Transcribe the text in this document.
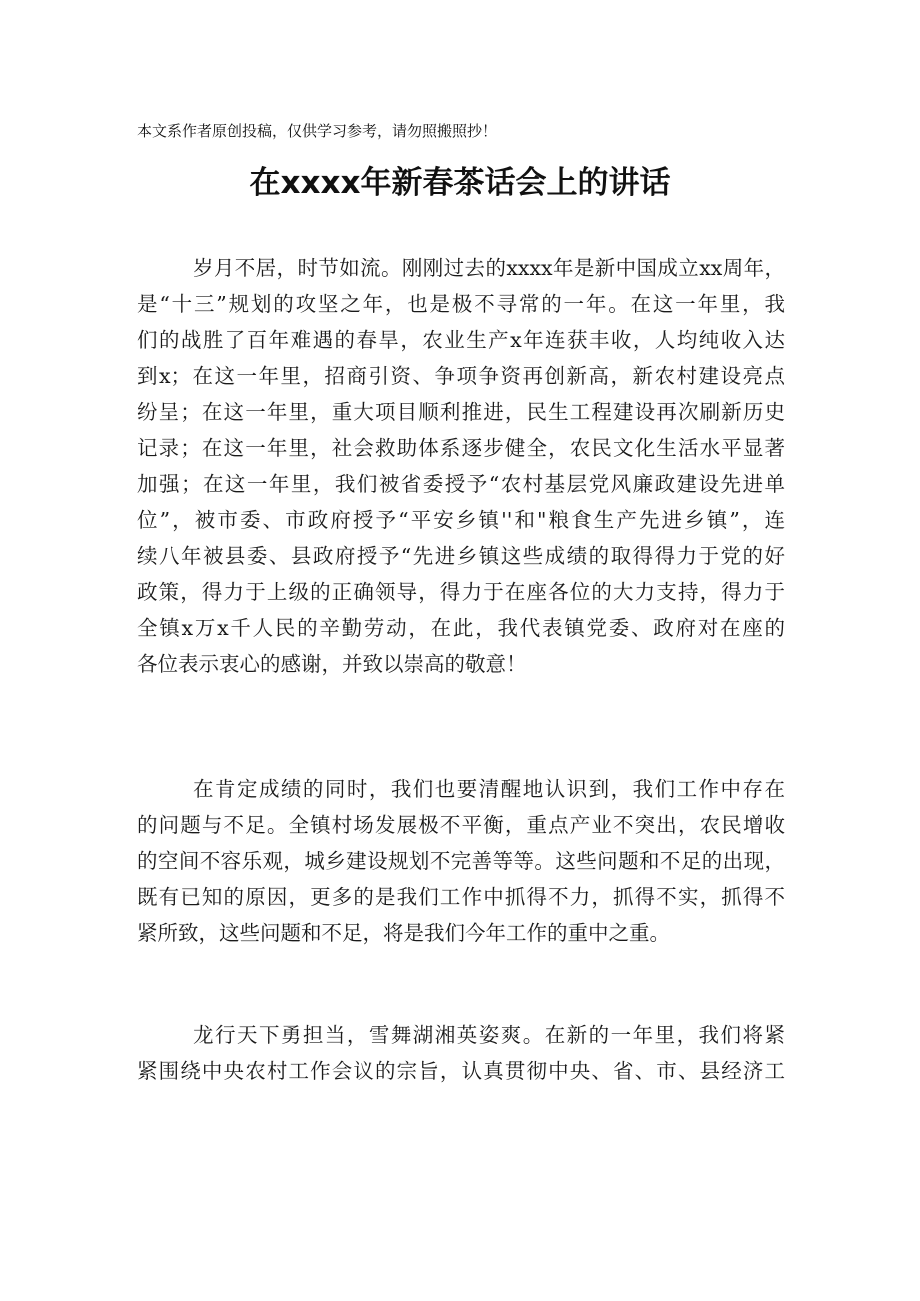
本文系作者原创投稿，仅供学习参考，请勿照搬照抄！
在xxxx年新春茶话会上的讲话
岁月不居，时节如流。刚刚过去的xxxx年是新中国成立xx周年，
是“十三”规划的攻坚之年，也是极不寻常的一年。在这一年里，我
们的战胜了百年难遇的春旱，农业生产x年连获丰收，人均纯收入达
到x；在这一年里，招商引资、争项争资再创新高，新农村建设亮点
纷呈；在这一年里，重大项目顺利推进，民生工程建设再次刷新历史
记录；在这一年里，社会救助体系逐步健全，农民文化生活水平显著
加强；在这一年里，我们被省委授予“农村基层党风廉政建设先进单
位”，被市委、市政府授予“平安乡镇''和"粮食生产先进乡镇”，连
续八年被县委、县政府授予“先进乡镇这些成绩的取得得力于党的好
政策，得力于上级的正确领导，得力于在座各位的大力支持，得力于
全镇x万x千人民的辛勤劳动，在此，我代表镇党委、政府对在座的
各位表示衷心的感谢，并致以崇高的敬意！
在肯定成绩的同时，我们也要清醒地认识到，我们工作中存在
的问题与不足。全镇村场发展极不平衡，重点产业不突出，农民增收
的空间不容乐观，城乡建设规划不完善等等。这些问题和不足的出现，
既有已知的原因，更多的是我们工作中抓得不力，抓得不实，抓得不
紧所致，这些问题和不足，将是我们今年工作的重中之重。
龙行天下勇担当，雪舞湖湘英姿爽。在新的一年里，我们将紧
紧围绕中央农村工作会议的宗旨，认真贯彻中央、省、市、县经济工
